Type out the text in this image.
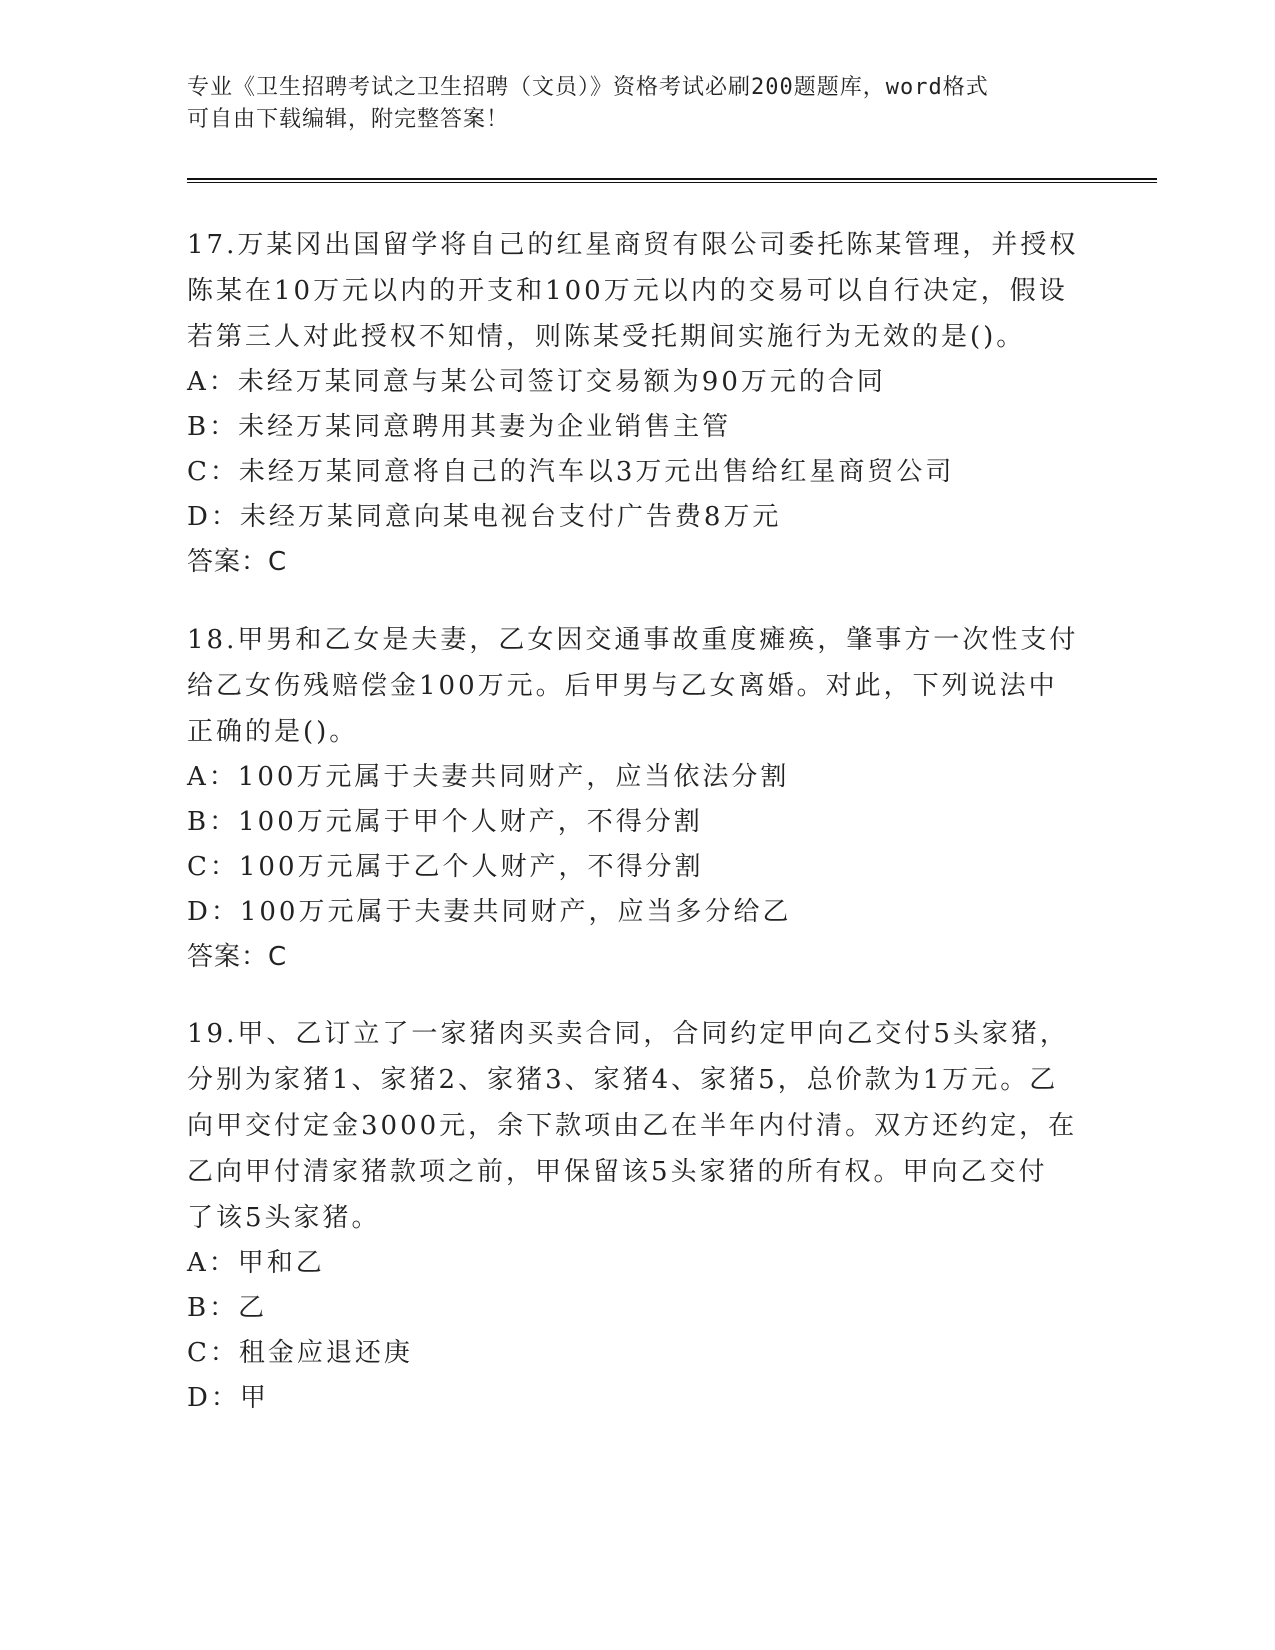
专业《卫生招聘考试之卫生招聘（文员）》资格考试必刷200题题库，word格式
可自由下载编辑，附完整答案！
17.万某冈出国留学将自己的红星商贸有限公司委托陈某管理，并授权
陈某在10万元以内的开支和100万元以内的交易可以自行决定，假设
若第三人对此授权不知情，则陈某受托期间实施行为无效的是()。
A：未经万某同意与某公司签订交易额为90万元的合同
B：未经万某同意聘用其妻为企业销售主管
C：未经万某同意将自己的汽车以3万元出售给红星商贸公司
D：未经万某同意向某电视台支付广告费8万元
答案：C
18.甲男和乙女是夫妻，乙女因交通事故重度瘫痪，肇事方一次性支付
给乙女伤残赔偿金100万元。后甲男与乙女离婚。对此，下列说法中
正确的是()。
A：100万元属于夫妻共同财产，应当依法分割
B：100万元属于甲个人财产，不得分割
C：100万元属于乙个人财产，不得分割
D：100万元属于夫妻共同财产，应当多分给乙
答案：C
19.甲、乙订立了一家猪肉买卖合同，合同约定甲向乙交付5头家猪，
分别为家猪1、家猪2、家猪3、家猪4、家猪5，总价款为1万元。乙
向甲交付定金3000元，余下款项由乙在半年内付清。双方还约定，在
乙向甲付清家猪款项之前，甲保留该5头家猪的所有权。甲向乙交付
了该5头家猪。
A：甲和乙
B：乙
C：租金应退还庚
D：甲
